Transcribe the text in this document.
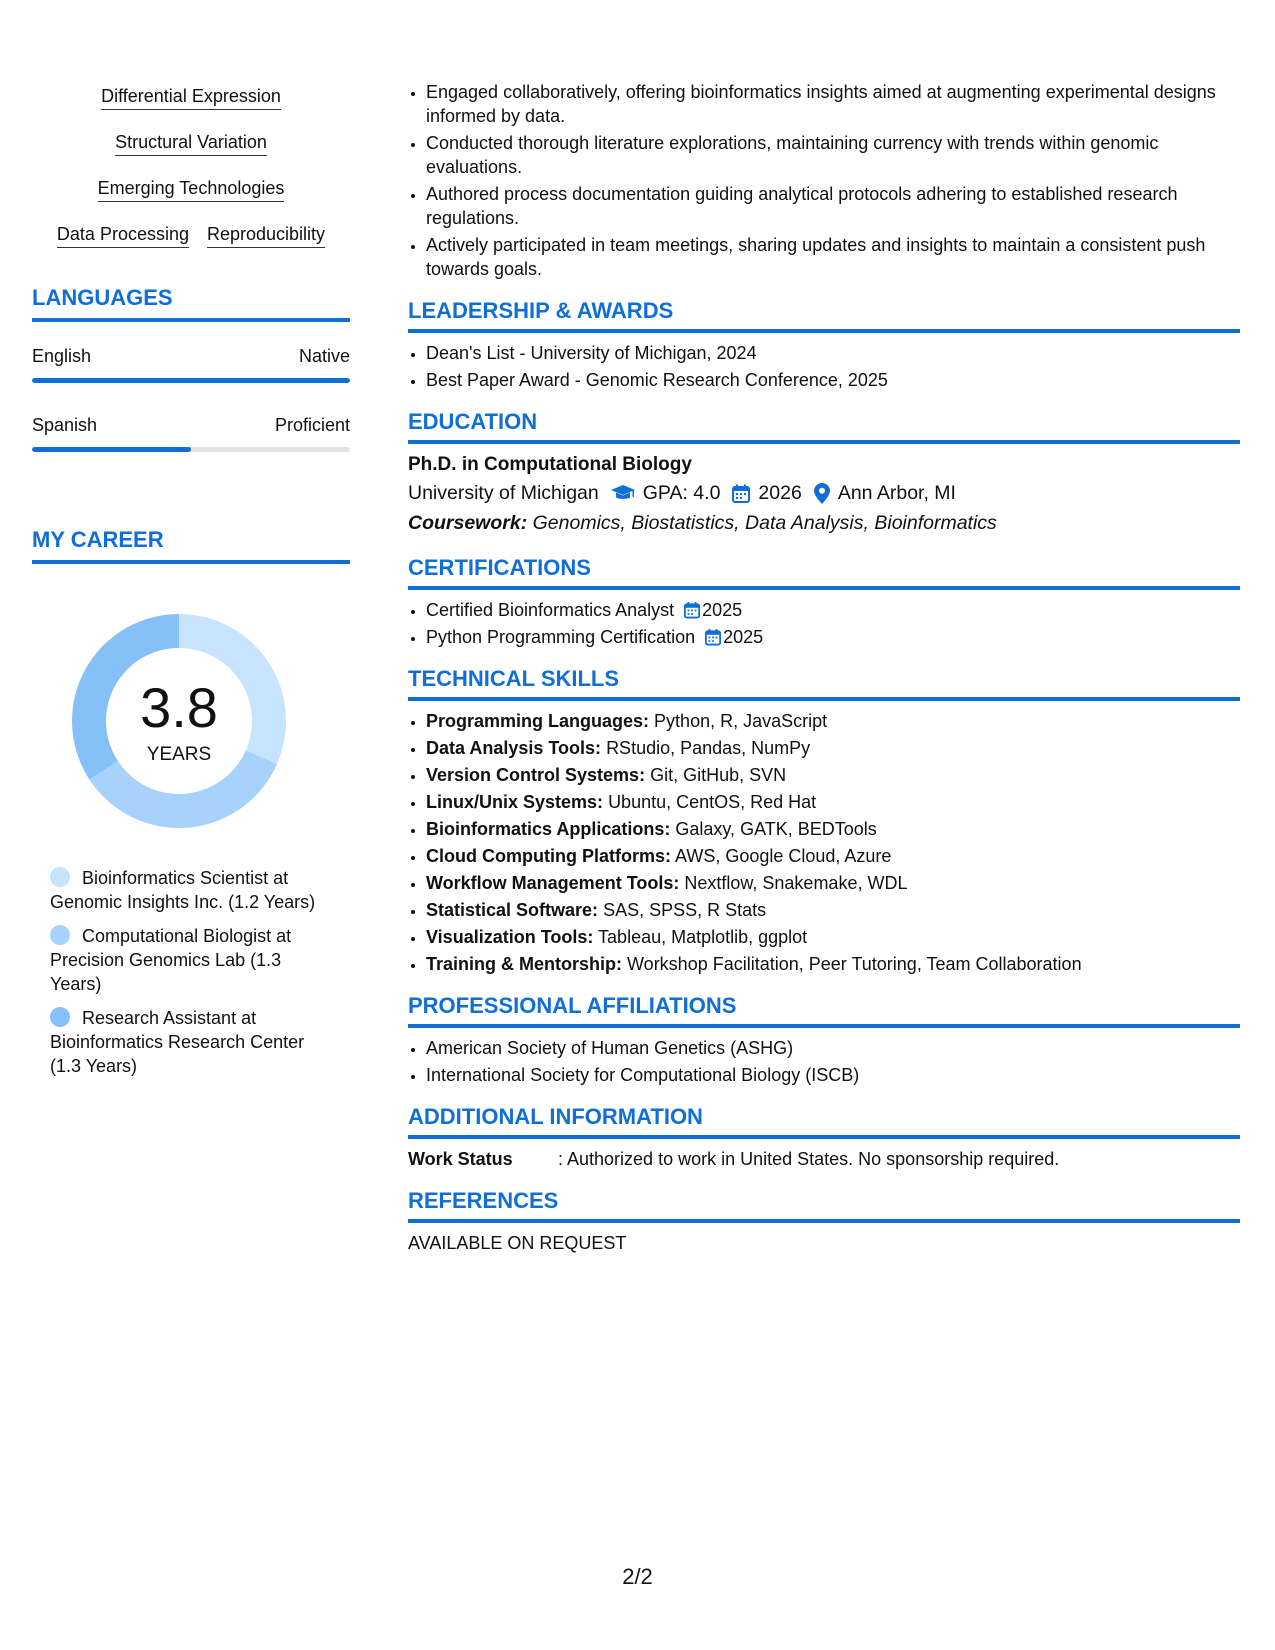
Differential Expression
Structural Variation
Emerging Technologies
Data Processing Reproducibility
LANGUAGES
English	Native
Spanish	Proficient
MY CAREER
3.8
YEARS
Bioinformatics Scientist at Genomic Insights Inc. (1.2 Years)
Computational Biologist at Precision Genomics Lab (1.3 Years)
Research Assistant at Bioinformatics Research Center (1.3 Years)
• Engaged collaboratively, offering bioinformatics insights aimed at augmenting experimental designs informed by data.
• Conducted thorough literature explorations, maintaining currency with trends within genomic evaluations.
• Authored process documentation guiding analytical protocols adhering to established research regulations.
• Actively participated in team meetings, sharing updates and insights to maintain a consistent push towards goals.
LEADERSHIP & AWARDS
• Dean's List - University of Michigan, 2024
• Best Paper Award - Genomic Research Conference, 2025
EDUCATION
Ph.D. in Computational Biology
University of Michigan GPA: 4.0 2026 Ann Arbor, MI
Coursework: Genomics, Biostatistics, Data Analysis, Bioinformatics
CERTIFICATIONS
• Certified Bioinformatics Analyst 2025
• Python Programming Certification 2025
TECHNICAL SKILLS
• Programming Languages: Python, R, JavaScript
• Data Analysis Tools: RStudio, Pandas, NumPy
• Version Control Systems: Git, GitHub, SVN
• Linux/Unix Systems: Ubuntu, CentOS, Red Hat
• Bioinformatics Applications: Galaxy, GATK, BEDTools
• Cloud Computing Platforms: AWS, Google Cloud, Azure
• Workflow Management Tools: Nextflow, Snakemake, WDL
• Statistical Software: SAS, SPSS, R Stats
• Visualization Tools: Tableau, Matplotlib, ggplot
• Training & Mentorship: Workshop Facilitation, Peer Tutoring, Team Collaboration
PROFESSIONAL AFFILIATIONS
• American Society of Human Genetics (ASHG)
• International Society for Computational Biology (ISCB)
ADDITIONAL INFORMATION
Work Status	: Authorized to work in United States. No sponsorship required.
REFERENCES
AVAILABLE ON REQUEST
2/2
